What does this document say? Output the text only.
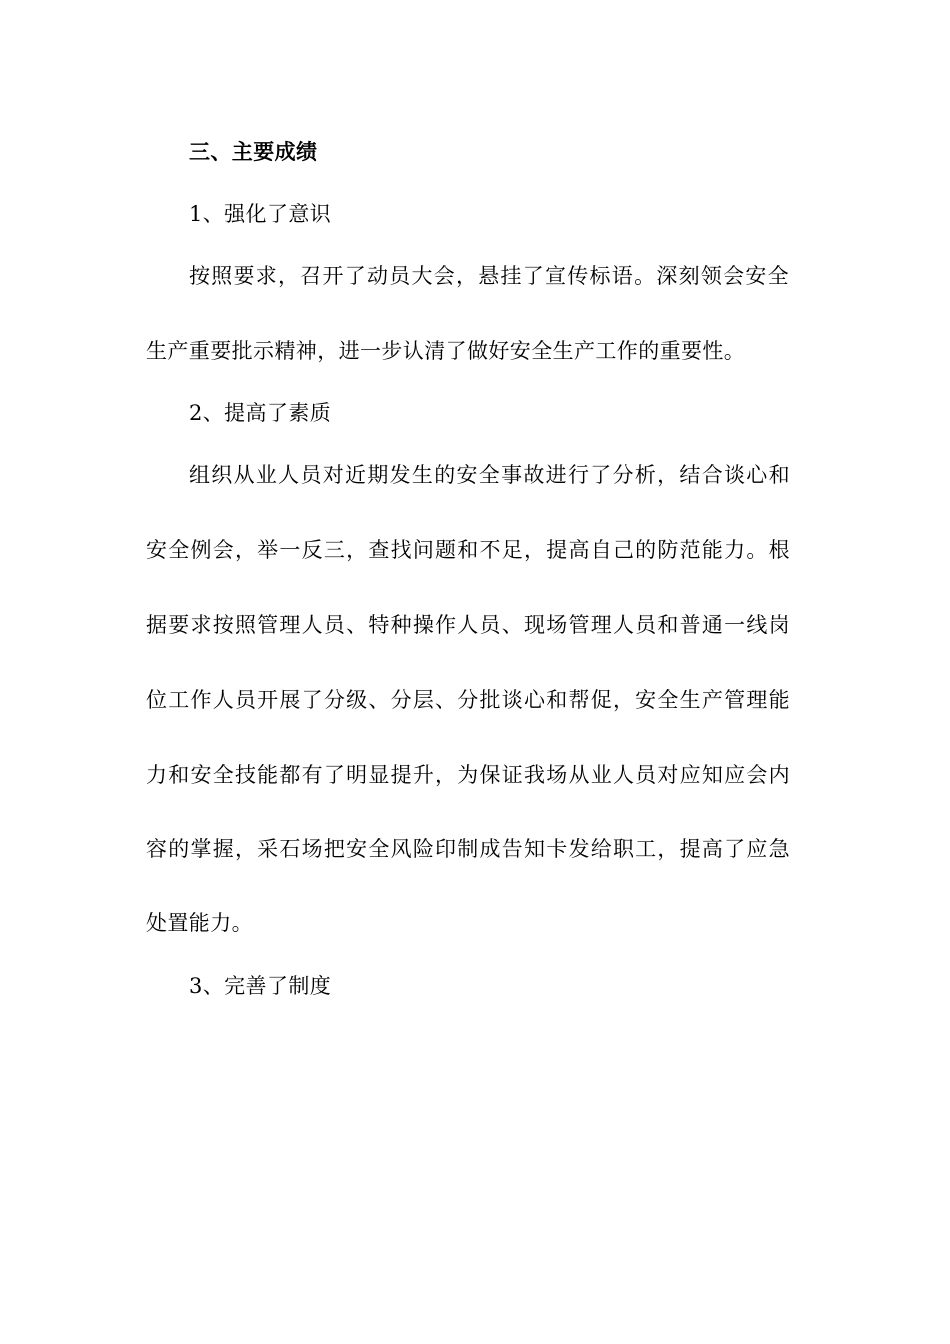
三、主要成绩
1、强化了意识
按照要求，召开了动员大会，悬挂了宣传标语。深刻领会安全
生产重要批示精神，进一步认清了做好安全生产工作的重要性。
2、提高了素质
组织从业人员对近期发生的安全事故进行了分析，结合谈心和
安全例会，举一反三，查找问题和不足，提高自己的防范能力。根
据要求按照管理人员、特种操作人员、现场管理人员和普通一线岗
位工作人员开展了分级、分层、分批谈心和帮促，安全生产管理能
力和安全技能都有了明显提升，为保证我场从业人员对应知应会内
容的掌握，采石场把安全风险印制成告知卡发给职工，提高了应急
处置能力。
3、完善了制度
